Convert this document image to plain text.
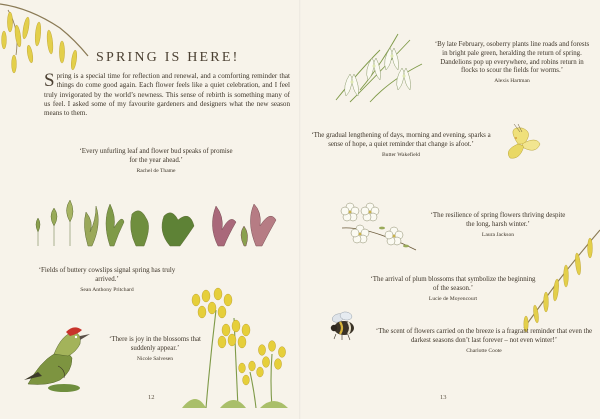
SPRING IS HERE!
Spring is a special time for reflection and renewal, and a comforting reminder that things do come good again. Each flower feels like a quiet celebration, and I feel truly invigorated by the world’s newness. This sense of rebirth is something many of us feel. I asked some of my favourite gardeners and designers what the new season means to them.
‘Every unfurling leaf and flower bud speaks of promise for the year ahead.’
Rachel de Thame
‘Fields of buttery cowslips signal spring has truly arrived.’
Sean Anthony Pritchard
‘There is joy in the blossoms that suddenly appear.’
Nicole Salvesen
12
‘By late February, osoberry plants line roads and forests in bright pale green, heralding the return of spring. Dandelions pop up everywhere, and robins return in flocks to scour the fields for worms.’
Alexis Hartman
‘The gradual lengthening of days, morning and evening, sparks a sense of hope, a quiet reminder that change is afoot.’
Butter Wakefield
‘The resilience of spring flowers thriving despite the long, harsh winter.’
Laura Jackson
‘The arrival of plum blossoms that symbolize the beginning of the season.’
Lucie de Moyencourt
‘The scent of flowers carried on the breeze is a fragrant reminder that even the darkest seasons don’t last forever – not even winter!’
Charlotte Coote
13
